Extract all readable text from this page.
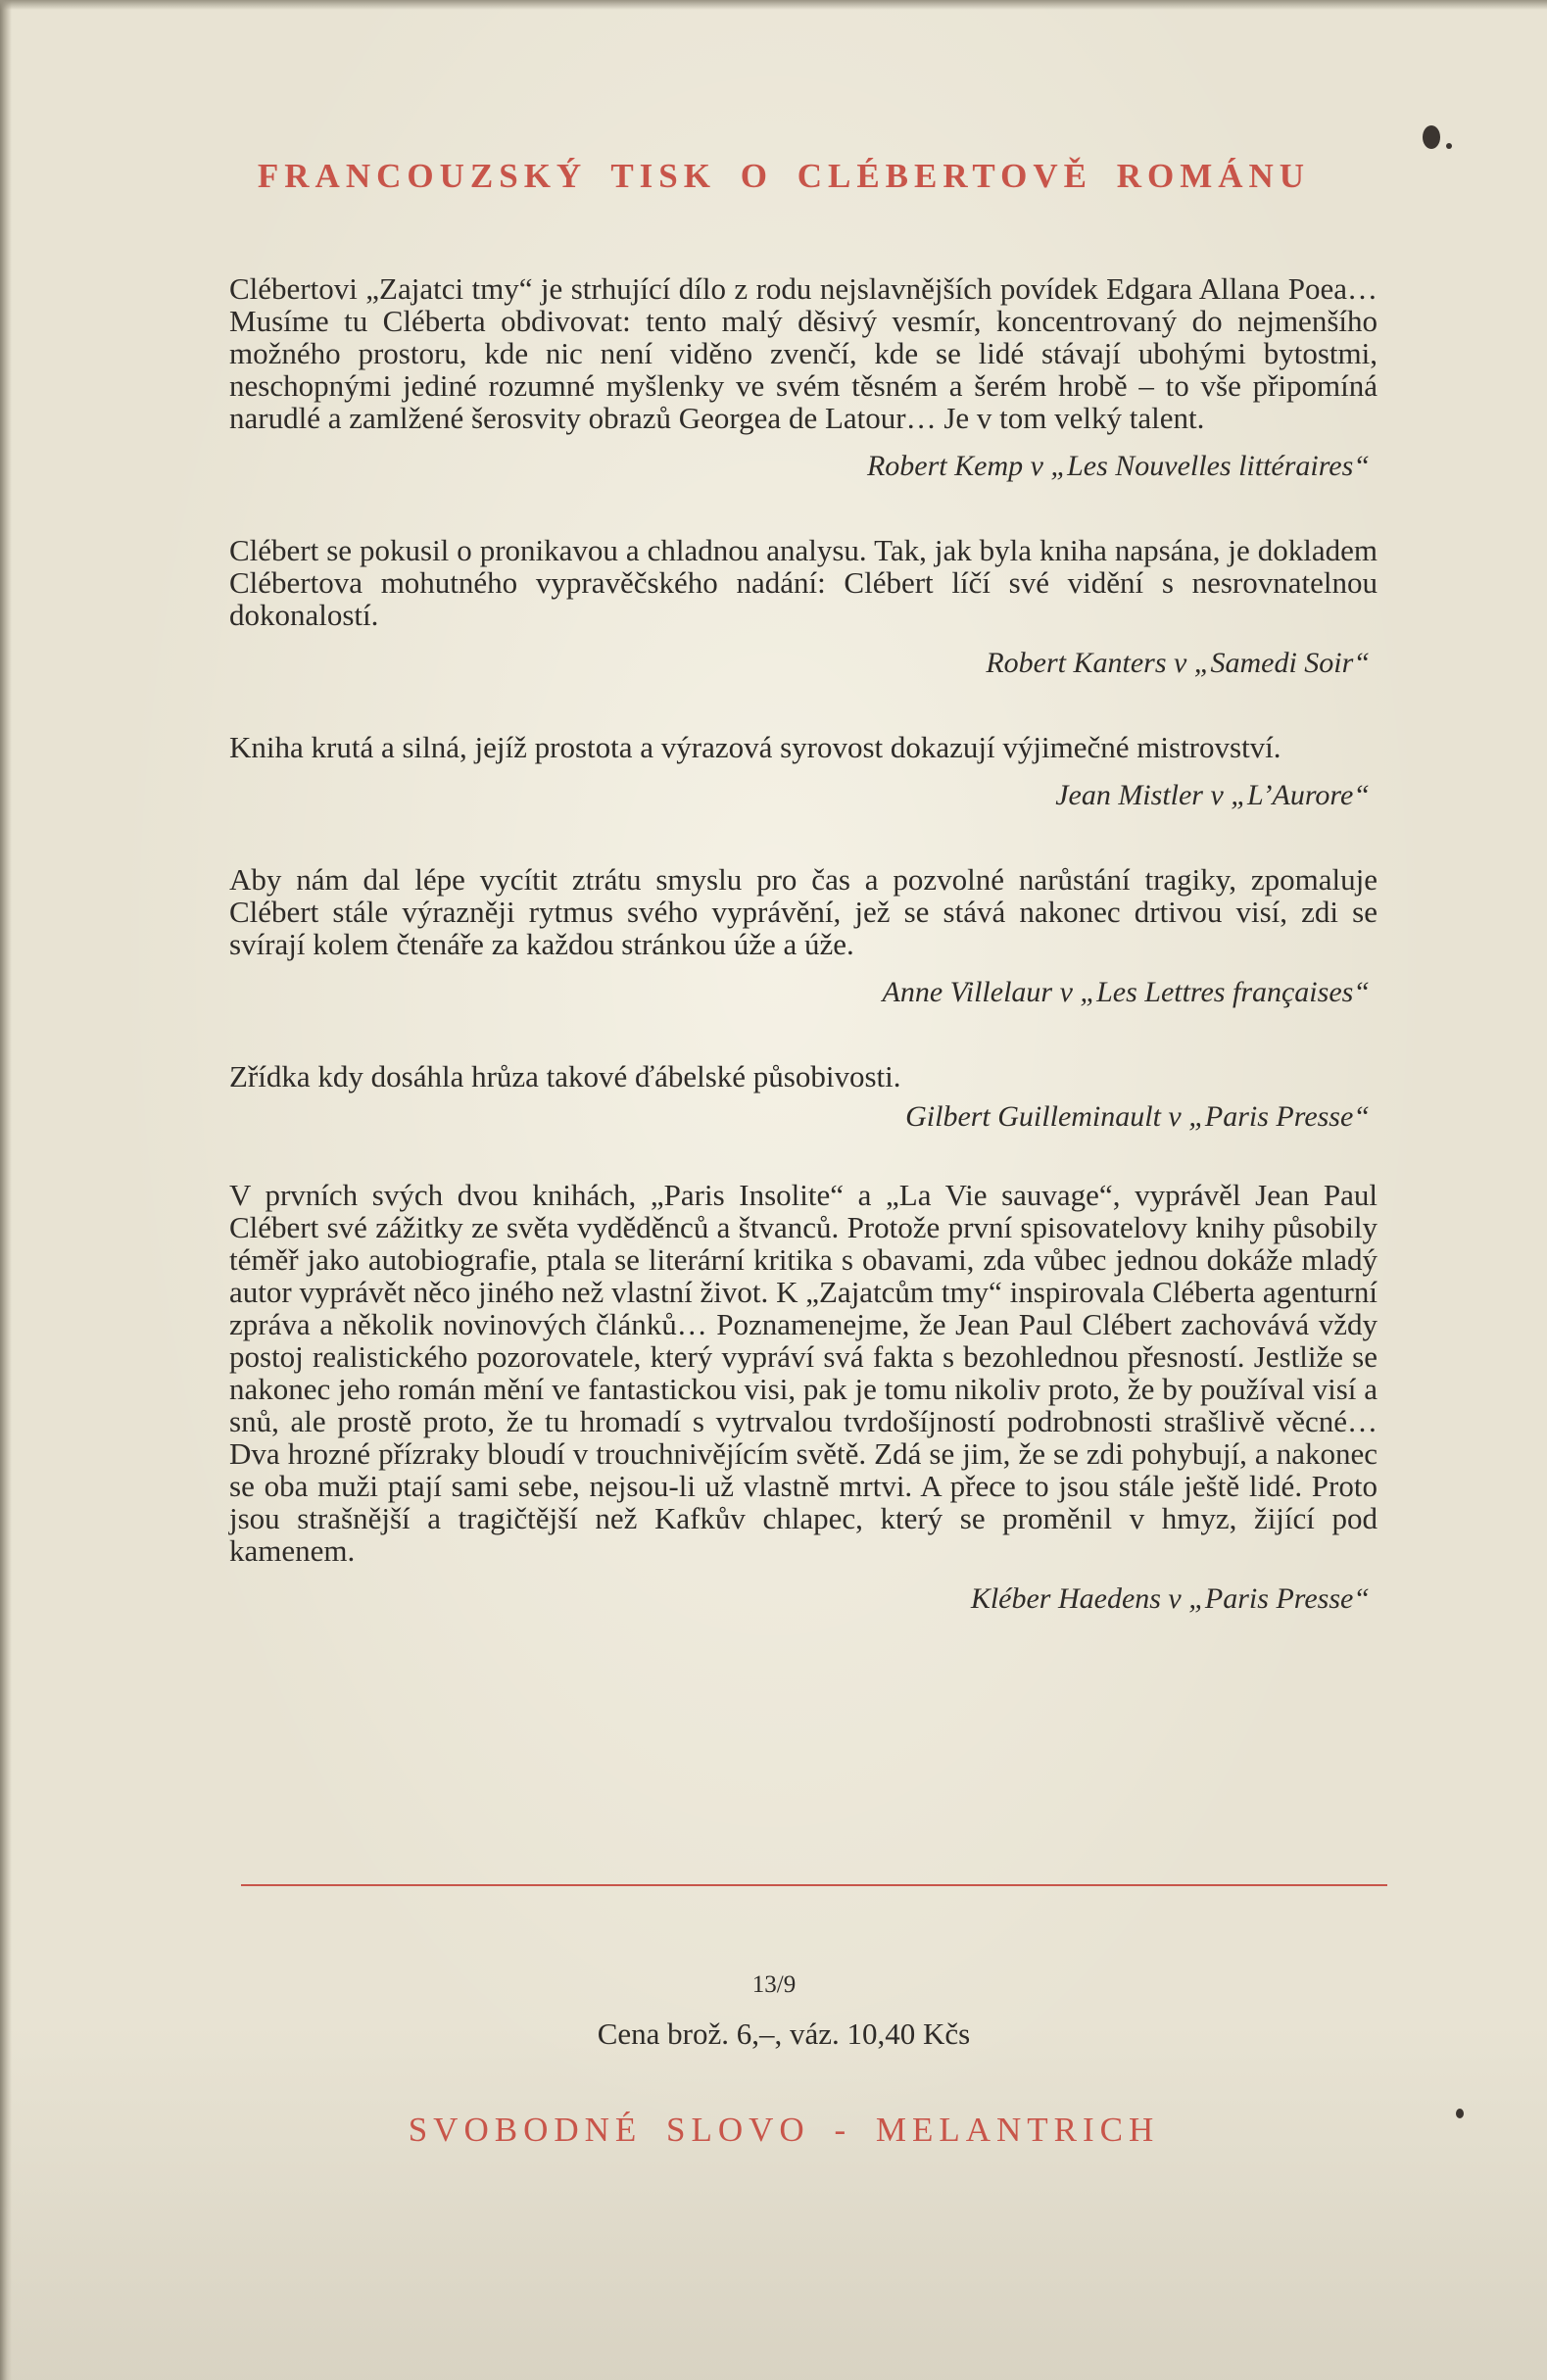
FRANCOUZSKÝ TISK O CLÉBERTOVĚ ROMÁNU

Clébertovi „Zajatci tmy“ je strhující dílo z rodu nejslavnějších povídek Edgara Allana Poea… Musíme tu Cléberta obdivovat: tento malý děsivý vesmír, koncentrovaný do nejmenšího možného prostoru, kde nic není viděno zvenčí, kde se lidé stávají ubohými bytostmi, neschopnými jediné rozumné myšlenky ve svém těsném a šerém hrobě – to vše připomíná narudlé a zamlžené šerosvity obrazů Georgea de Latour… Je v tom velký talent.

Robert Kemp v „Les Nouvelles littéraires“

Clébert se pokusil o pronikavou a chladnou analysu. Tak, jak byla kniha napsána, je dokladem Clébertova mohutného vypravěčského nadání: Clébert líčí své vidění s nesrovnatelnou dokonalostí.

Robert Kanters v „Samedi Soir“

Kniha krutá a silná, jejíž prostota a výrazová syrovost dokazují výjimečné mistrovství.

Jean Mistler v „L’Aurore“

Aby nám dal lépe vycítit ztrátu smyslu pro čas a pozvolné narůstání tragiky, zpomaluje Clébert stále výrazněji rytmus svého vyprávění, jež se stává nakonec drtivou visí, zdi se svírají kolem čtenáře za každou stránkou úže a úže.

Anne Villelaur v „Les Lettres françaises“

Zřídka kdy dosáhla hrůza takové ďábelské působivosti.

Gilbert Guilleminault v „Paris Presse“

V prvních svých dvou knihách, „Paris Insolite“ a „La Vie sauvage“, vyprávěl Jean Paul Clébert své zážitky ze světa vyděděnců a štvanců. Protože první spisovatelovy knihy působily téměř jako autobiografie, ptala se literární kritika s obavami, zda vůbec jednou dokáže mladý autor vyprávět něco jiného než vlastní život. K „Zajatcům tmy“ inspirovala Cléberta agenturní zpráva a několik novinových článků… Poznamenejme, že Jean Paul Clébert zachovává vždy postoj realistického pozorovatele, který vypráví svá fakta s bezohlednou přesností. Jestliže se nakonec jeho román mění ve fantastickou visi, pak je tomu nikoliv proto, že by používal visí a snů, ale prostě proto, že tu hromadí s vytrvalou tvrdošíjností podrobnosti strašlivě věcné… Dva hrozné přízraky bloudí v trouchnivějícím světě. Zdá se jim, že se zdi pohybují, a nakonec se oba muži ptají sami sebe, nejsou-li už vlastně mrtvi. A přece to jsou stále ještě lidé. Proto jsou strašnější a tragičtější než Kafkův chlapec, který se proměnil v hmyz, žijící pod kamenem.

Kléber Haedens v „Paris Presse“

13/9

Cena brož. 6,–, váz. 10,40 Kčs

SVOBODNÉ SLOVO - MELANTRICH
